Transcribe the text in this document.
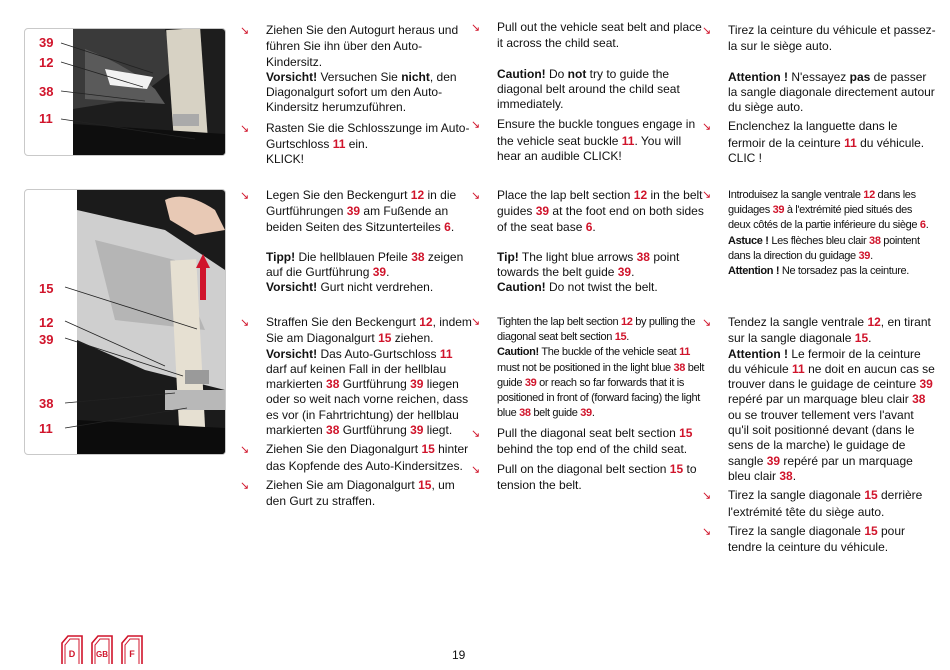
39
12
38
11
15
12
39
38
11

↘ Ziehen Sie den Autogurt heraus und führen Sie ihn über den Auto-Kindersitz.

Vorsicht! Versuchen Sie nicht, den Diagonalgurt sofort um den Auto-Kindersitz herumzuführen.

↘ Rasten Sie die Schlosszunge im Auto-Gurtschloss 11 ein.
KLICK!

↘ Legen Sie den Beckengurt 12 in die Gurtführungen 39 am Fußende an beiden Seiten des Sitzunterteiles 6.

Tipp! Die hellblauen Pfeile 38 zeigen auf die Gurtführung 39.
Vorsicht! Gurt nicht verdrehen.

↘ Straffen Sie den Beckengurt 12, indem Sie am Diagonalgurt 15 ziehen.
Vorsicht! Das Auto-Gurtschloss 11 darf auf keinen Fall in der hellblau markierten 38 Gurtführung 39 liegen oder so weit nach vorne reichen, dass es vor (in Fahrtrichtung) der hellblau markierten 38 Gurtführung 39 liegt.

↘ Ziehen Sie den Diagonalgurt 15 hinter das Kopfende des Auto-Kindersitzes.

↘ Ziehen Sie am Diagonalgurt 15, um den Gurt zu straffen.

↘ Pull out the vehicle seat belt and place it across the child seat.

Caution! Do not try to guide the diagonal belt around the child seat immediately.

↘ Ensure the buckle tongues engage in the vehicle seat buckle 11. You will hear an audible CLICK!

↘ Place the lap belt section 12 in the belt guides 39 at the foot end on both sides of the seat base 6.

Tip! The light blue arrows 38 point towards the belt guide 39.
Caution! Do not twist the belt.

↘ Tighten the lap belt section 12 by pulling the diagonal seat belt section 15.
Caution! The buckle of the vehicle seat 11 must not be positioned in the light blue 38 belt guide 39 or reach so far forwards that it is positioned in front of (forward facing) the light blue 38 belt guide 39.

↘ Pull the diagonal seat belt section 15 behind the top end of the child seat.

↘ Pull on the diagonal belt section 15 to tension the belt.

↘ Tirez la ceinture du véhicule et passez-la sur le siège auto.

Attention ! N'essayez pas de passer la sangle diagonale directement autour du siège auto.

↘ Enclenchez la languette dans le fermoir de la ceinture 11 du véhicule.
CLIC !

↘ Introduisez la sangle ventrale 12 dans les guidages 39 à l'extrémité pied situés des deux côtés de la partie inférieure du siège 6.

Astuce ! Les flèches bleu clair 38 pointent dans la direction du guidage 39.
Attention ! Ne torsadez pas la ceinture.

↘ Tendez la sangle ventrale 12, en tirant sur la sangle diagonale 15.
Attention ! Le fermoir de la ceinture du véhicule 11 ne doit en aucun cas se trouver dans le guidage de ceinture 39 repéré par un marquage bleu clair 38 ou se trouver tellement vers l'avant qu'il soit positionné devant (dans le sens de la marche) le guidage de sangle 39 repéré par un marquage bleu clair 38.

↘ Tirez la sangle diagonale 15 derrière l'extrémité tête du siège auto.

↘ Tirez la sangle diagonale 15 pour tendre la ceinture du véhicule.

D	GB F	19
